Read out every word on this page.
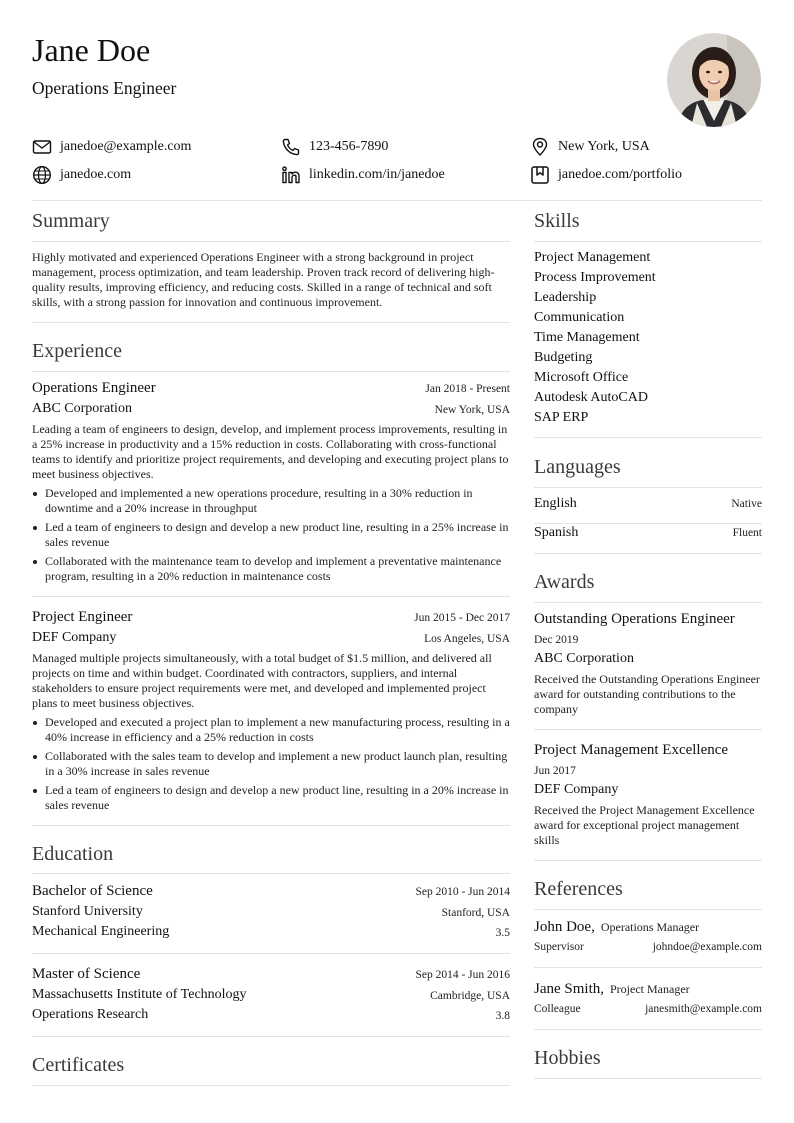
Jane Doe
Operations Engineer
janedoe@example.com	123-456-7890	New York, USA
janedoe.com	linkedin.com/in/janedoe	janedoe.com/portfolio
Summary
Highly motivated and experienced Operations Engineer with a strong background in project management, process optimization, and team leadership. Proven track record of delivering high-quality results, improving efficiency, and reducing costs. Skilled in a range of technical and soft skills, with a strong passion for innovation and continuous improvement.
Experience
Operations Engineer	Jan 2018 - Present
ABC Corporation	New York, USA
Leading a team of engineers to design, develop, and implement process improvements, resulting in a 25% increase in productivity and a 15% reduction in costs. Collaborating with cross-functional teams to identify and prioritize project requirements, and developing and executing project plans to meet business objectives.
Developed and implemented a new operations procedure, resulting in a 30% reduction in downtime and a 20% increase in throughput
Led a team of engineers to design and develop a new product line, resulting in a 25% increase in sales revenue
Collaborated with the maintenance team to develop and implement a preventative maintenance program, resulting in a 20% reduction in maintenance costs
Project Engineer	Jun 2015 - Dec 2017
DEF Company	Los Angeles, USA
Managed multiple projects simultaneously, with a total budget of $1.5 million, and delivered all projects on time and within budget. Coordinated with contractors, suppliers, and internal stakeholders to ensure project requirements were met, and developed and implemented project plans to meet business objectives.
Developed and executed a project plan to implement a new manufacturing process, resulting in a 40% increase in efficiency and a 25% reduction in costs
Collaborated with the sales team to develop and implement a new product launch plan, resulting in a 30% increase in sales revenue
Led a team of engineers to design and develop a new product line, resulting in a 20% increase in sales revenue
Education
Bachelor of Science	Sep 2010 - Jun 2014
Stanford University	Stanford, USA
Mechanical Engineering	3.5
Master of Science	Sep 2014 - Jun 2016
Massachusetts Institute of Technology	Cambridge, USA
Operations Research	3.8
Certificates
Skills
Project Management
Process Improvement
Leadership
Communication
Time Management
Budgeting
Microsoft Office
Autodesk AutoCAD
SAP ERP
Languages
English	Native
Spanish	Fluent
Awards
Outstanding Operations Engineer
Dec 2019
ABC Corporation
Received the Outstanding Operations Engineer award for outstanding contributions to the company
Project Management Excellence
Jun 2017
DEF Company
Received the Project Management Excellence award for exceptional project management skills
References
John Doe, Operations Manager
Supervisor	johndoe@example.com
Jane Smith, Project Manager
Colleague	janesmith@example.com
Hobbies
